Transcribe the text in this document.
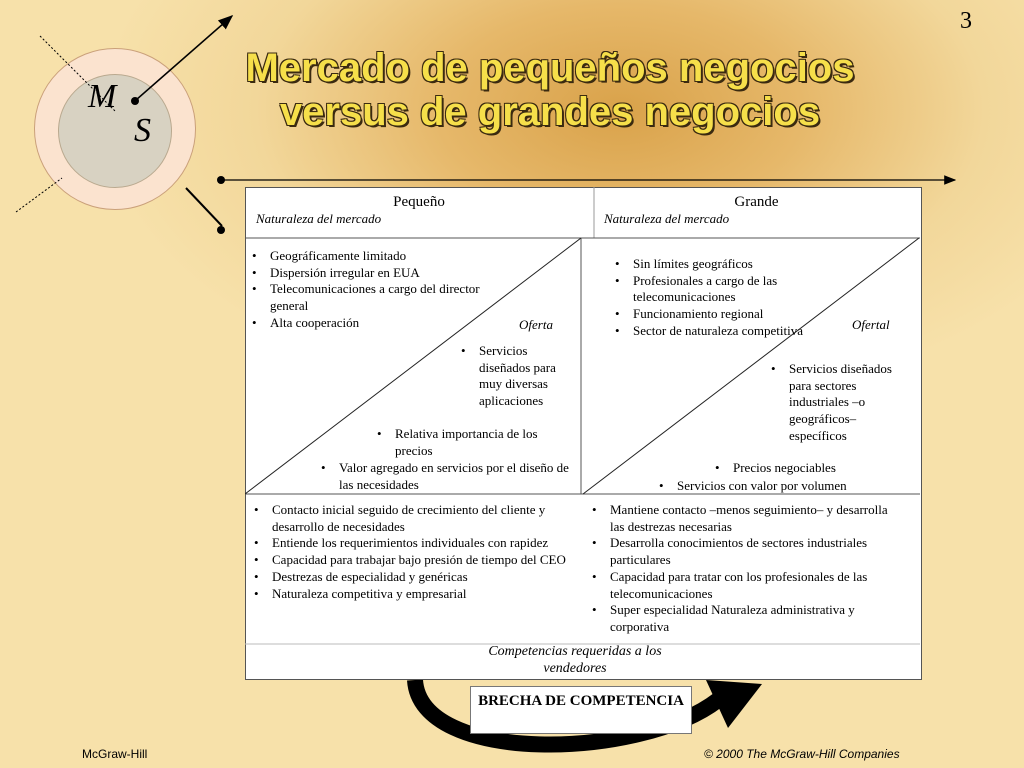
3
M
S
Mercado de pequeños negocios
versus de grandes negocios
Pequeño
Naturaleza del mercado
Grande
Naturaleza del mercado
• Geográficamente limitado
• Dispersión irregular en EUA
• Telecomunicaciones a cargo del director general
• Alta cooperación	Oferta
• Servicios diseñados para muy diversas aplicaciones
• Relativa importancia de los precios
• Valor agregado en servicios por el diseño de las necesidades
• Sin límites geográficos
• Profesionales a cargo de las telecomunicaciones
• Funcionamiento regional
• Sector de naturaleza competitiva	Ofertal
• Servicios diseñados para sectores industriales –o geográficos– específicos
• Precios negociables
• Servicios con valor por volumen
• Contacto inicial seguido de crecimiento del cliente y desarrollo de necesidades
• Entiende los requerimientos individuales con rapidez
• Capacidad para trabajar bajo presión de tiempo del CEO
• Destrezas de especialidad y genéricas
• Naturaleza competitiva y empresarial
• Mantiene contacto –menos seguimiento– y desarrolla las destrezas necesarias
• Desarrolla conocimientos de sectores industriales particulares
• Capacidad para tratar con los profesionales de las telecomunicaciones
• Super especialidad Naturaleza administrativa y corporativa
Competencias requeridas a los vendedores
BRECHA DE COMPETENCIA
McGraw-Hill	© 2000 The McGraw-Hill Companies
